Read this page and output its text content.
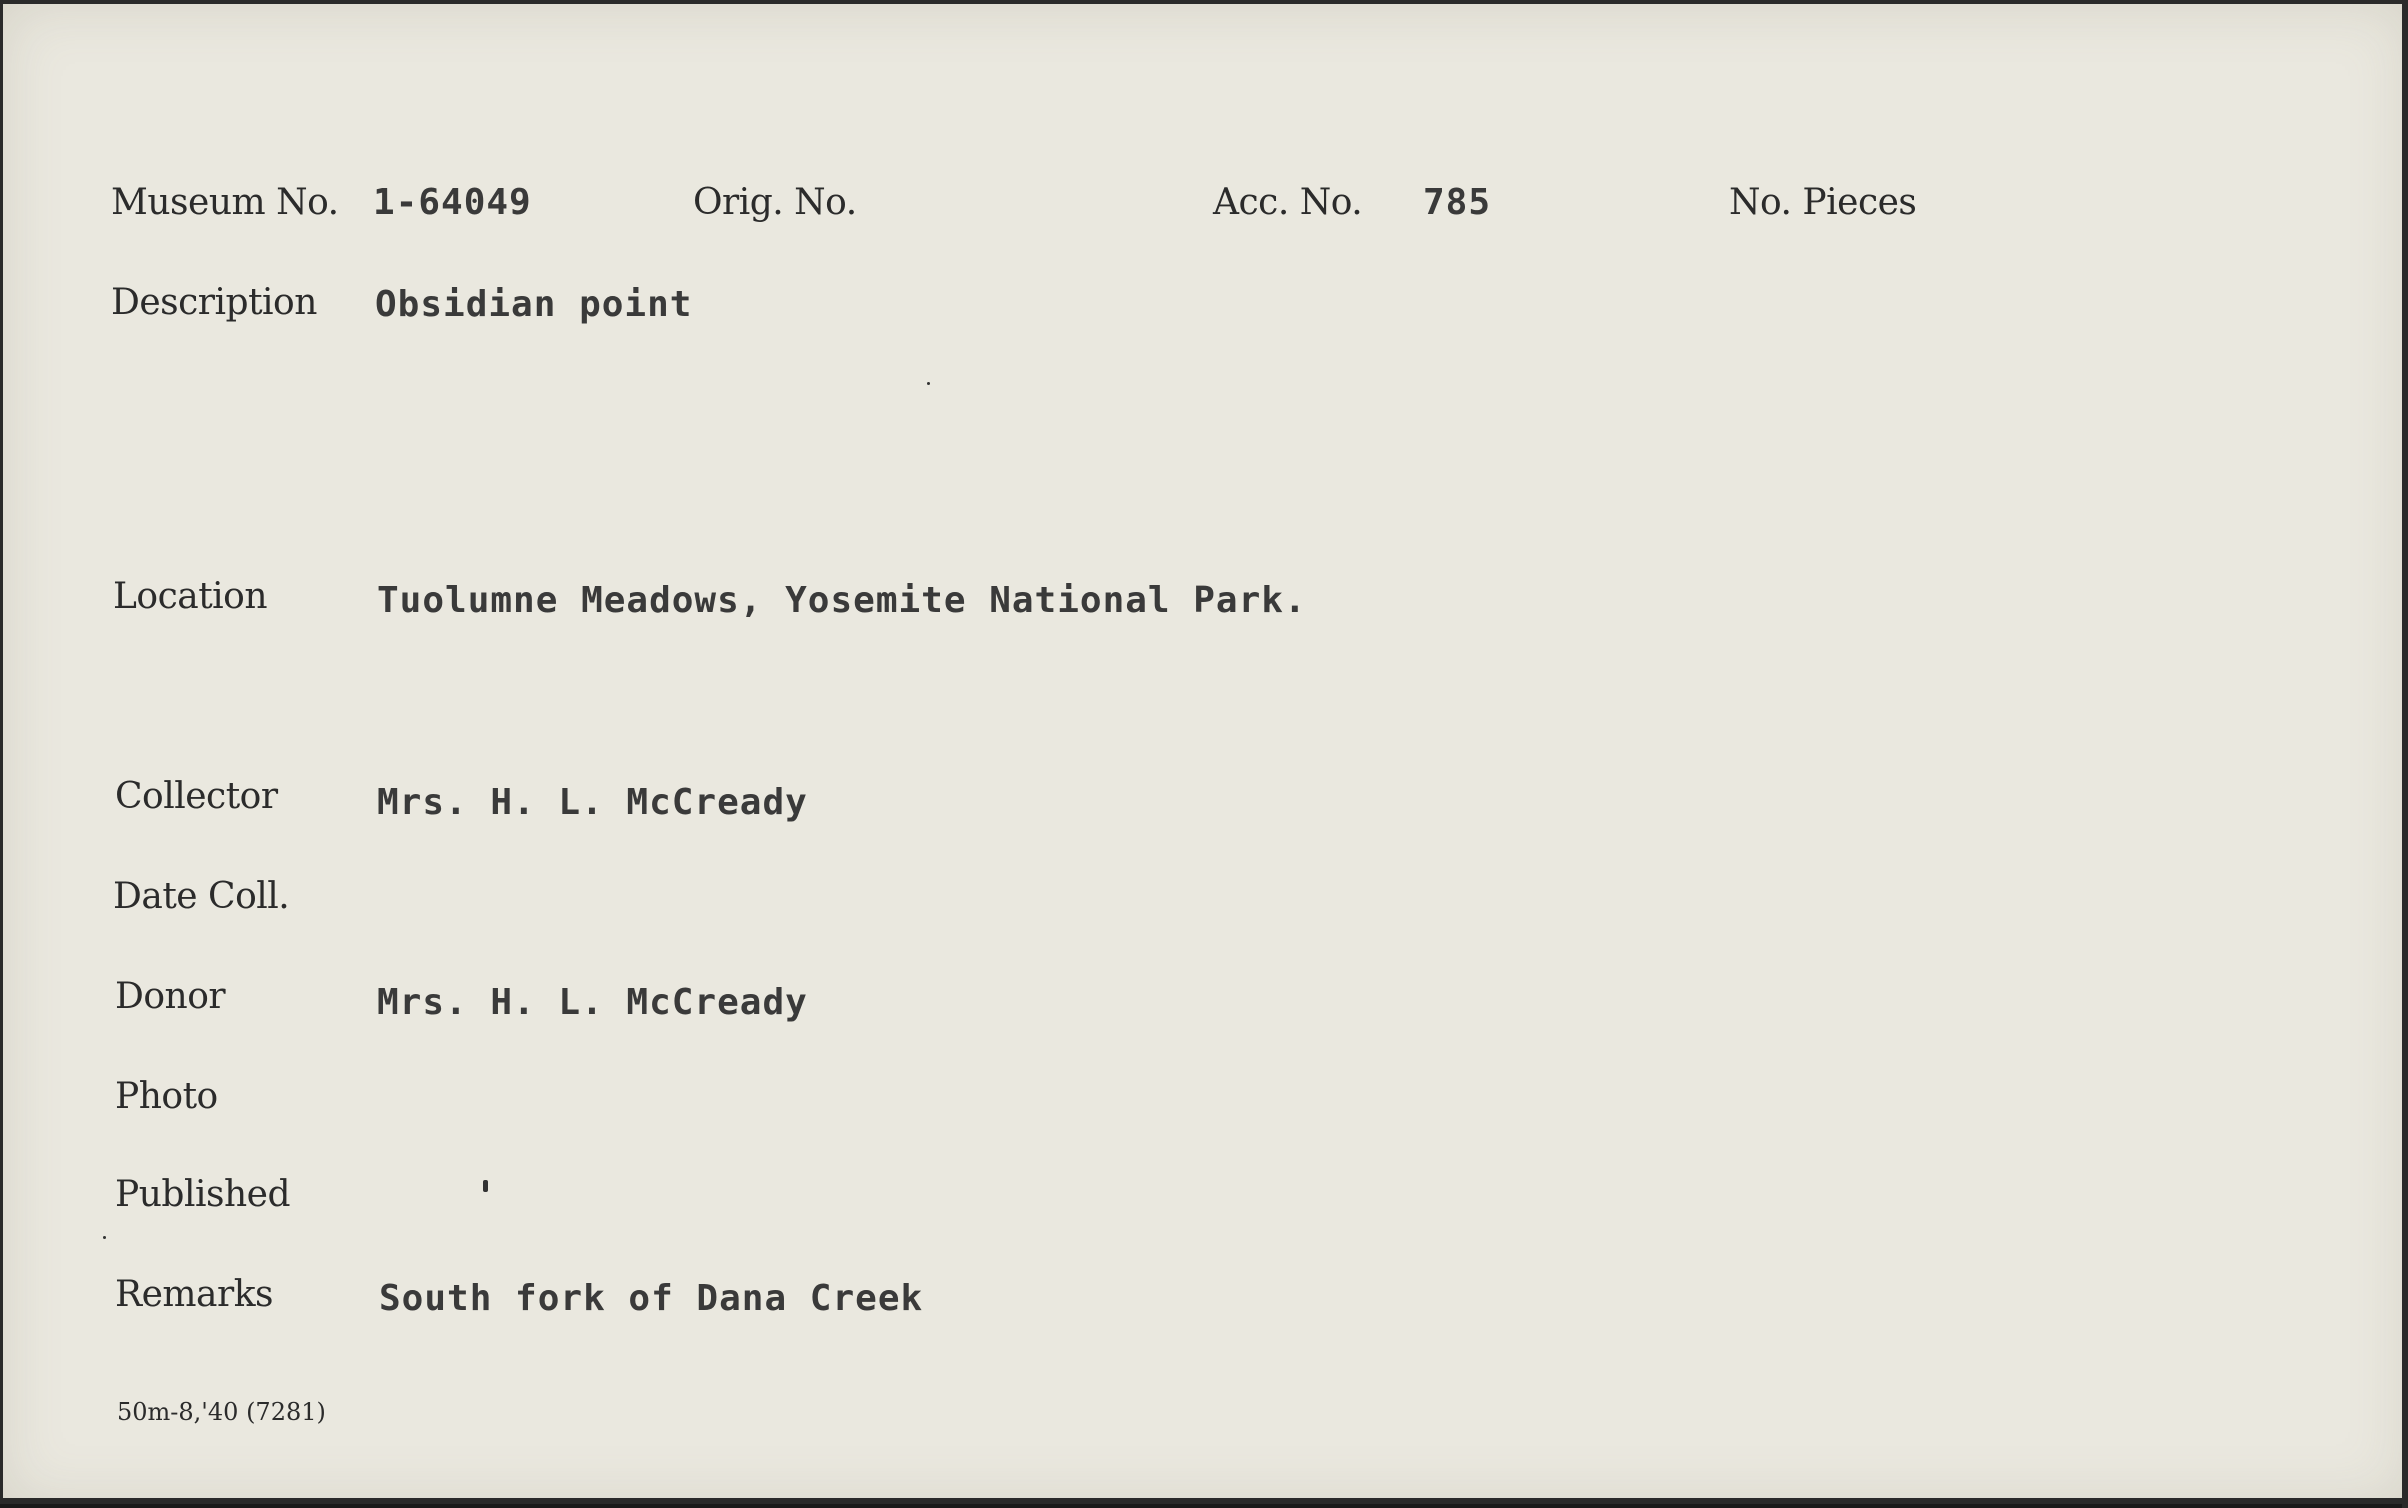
Museum No. 1-64049	Orig. No.	Acc. No. 785	No. Pieces
Description Obsidian point
Location	Tuolumne Meadows, Yosemite National Park.
Collector	Mrs. H. L. McCready
Date Coll.
Donor	Mrs. H. L. McCready
Photo
Published
Remarks	South fork of Dana Creek
50m-8,'40 (7281)
